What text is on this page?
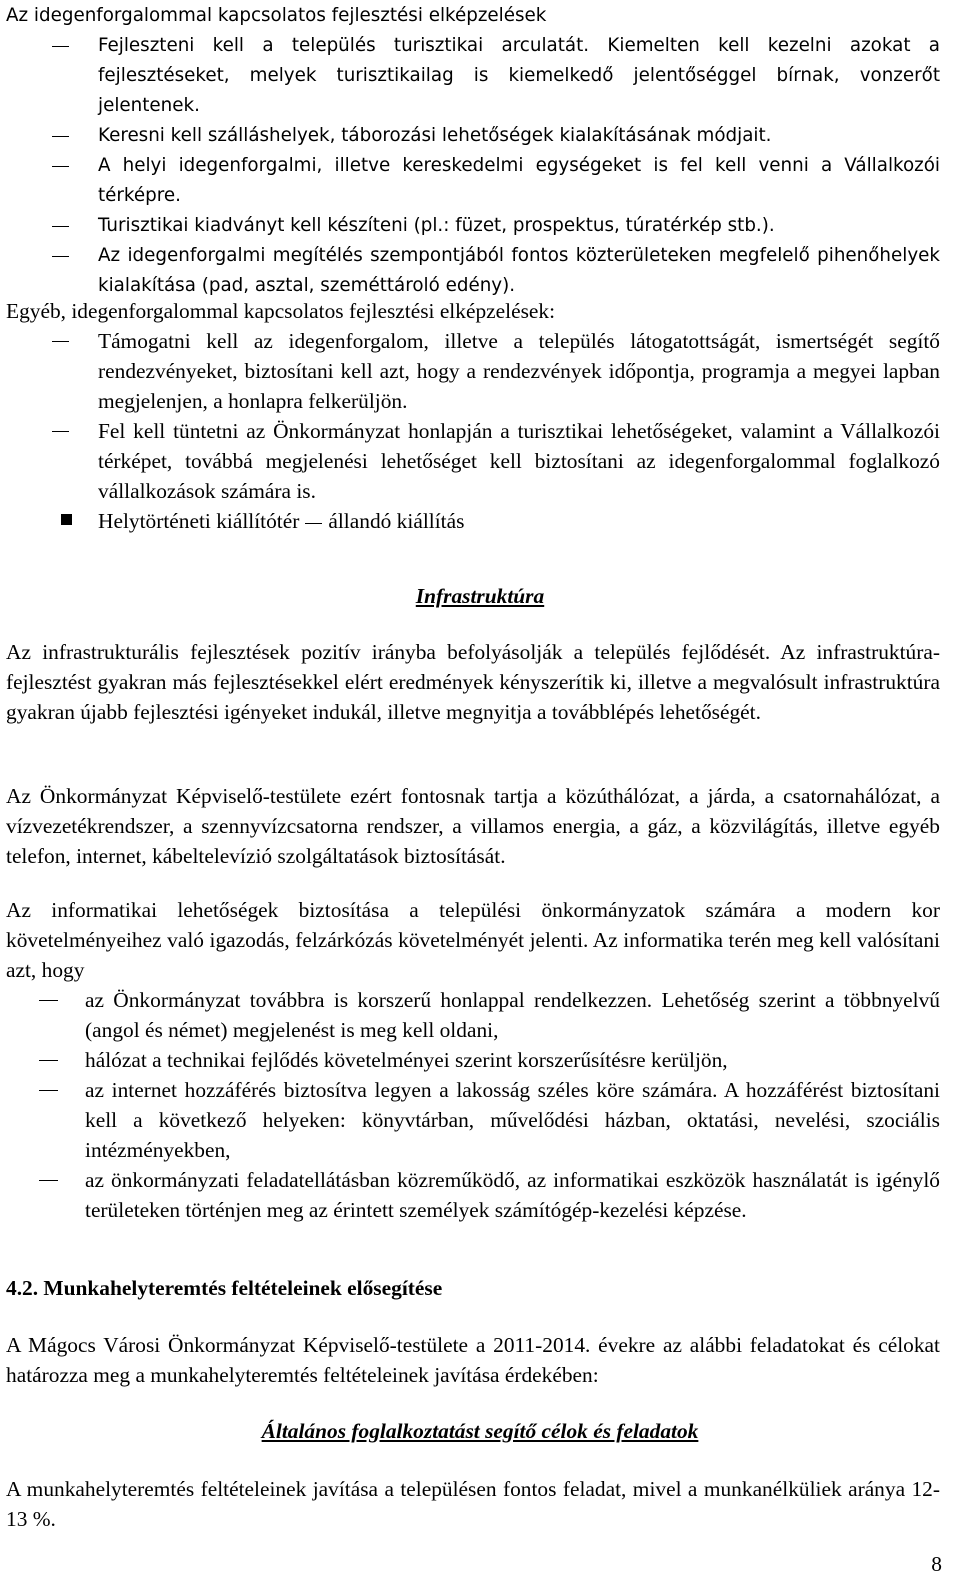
Az idegenforgalommal kapcsolatos fejlesztési elképzelések

Fejleszteni kell a település turisztikai arculatát. Kiemelten kell kezelni azokat a fejlesztéseket, melyek turisztikailag is kiemelkedő jelentőséggel bírnak, vonzerőt jelentenek.
Keresni kell szálláshelyek, táborozási lehetőségek kialakításának módjait.
A helyi idegenforgalmi, illetve kereskedelmi egységeket is fel kell venni a Vállalkozói térképre.
Turisztikai kiadványt kell készíteni (pl.: füzet, prospektus, túratérkép stb.).
Az idegenforgalmi megítélés szempontjából fontos közterületeken megfelelő pihenőhelyek kialakítása (pad, asztal, szeméttároló edény).

Egyéb, idegenforgalommal kapcsolatos fejlesztési elképzelések:

Támogatni kell az idegenforgalom, illetve a település látogatottságát, ismertségét segítő rendezvényeket, biztosítani kell azt, hogy a rendezvények időpontja, programja a megyei lapban megjelenjen, a honlapra felkerüljön.
Fel kell tüntetni az Önkormányzat honlapján a turisztikai lehetőségeket, valamint a Vállalkozói térképet, továbbá megjelenési lehetőséget kell biztosítani az idegenforgalommal foglalkozó vállalkozások számára is.
Helytörténeti kiállítótér állandó kiállítás
Infrastruktúra

Az infrastrukturális fejlesztések pozitív irányba befolyásolják a település fejlődését. Az infrastruktúra-fejlesztést gyakran más fejlesztésekkel elért eredmények kényszerítik ki, illetve a megvalósult infrastruktúra gyakran újabb fejlesztési igényeket indukál, illetve megnyitja a továbblépés lehetőségét.

Az Önkormányzat Képviselő-testülete ezért fontosnak tartja a közúthálózat, a járda, a csatornahálózat, a vízvezetékrendszer, a szennyvízcsatorna rendszer, a villamos energia, a gáz, a közvilágítás, illetve egyéb telefon, internet, kábeltelevízió szolgáltatások biztosítását.

Az informatikai lehetőségek biztosítása a települési önkormányzatok számára a modern kor követelményeihez való igazodás, felzárkózás követelményét jelenti. Az informatika terén meg kell valósítani azt, hogy

az Önkormányzat továbbra is korszerű honlappal rendelkezzen. Lehetőség szerint a többnyelvű (angol és német) megjelenést is meg kell oldani,
hálózat a technikai fejlődés követelményei szerint korszerűsítésre kerüljön,
az internet hozzáférés biztosítva legyen a lakosság széles köre számára. A hozzáférést biztosítani kell a következő helyeken: könyvtárban, művelődési házban, oktatási, nevelési, szociális intézményekben,
az önkormányzati feladatellátásban közreműködő, az informatikai eszközök használatát is igénylő területeken történjen meg az érintett személyek számítógép-kezelési képzése.

4.2. Munkahelyteremtés feltételeinek elősegítése

A Mágocs Városi Önkormányzat Képviselő-testülete a 2011-2014. évekre az alábbi feladatokat és célokat határozza meg a munkahelyteremtés feltételeinek javítása érdekében:

Általános foglalkoztatást segítő célok és feladatok

A munkahelyteremtés feltételeinek javítása a településen fontos feladat, mivel a munkanélküliek aránya 12-13 %.

8
